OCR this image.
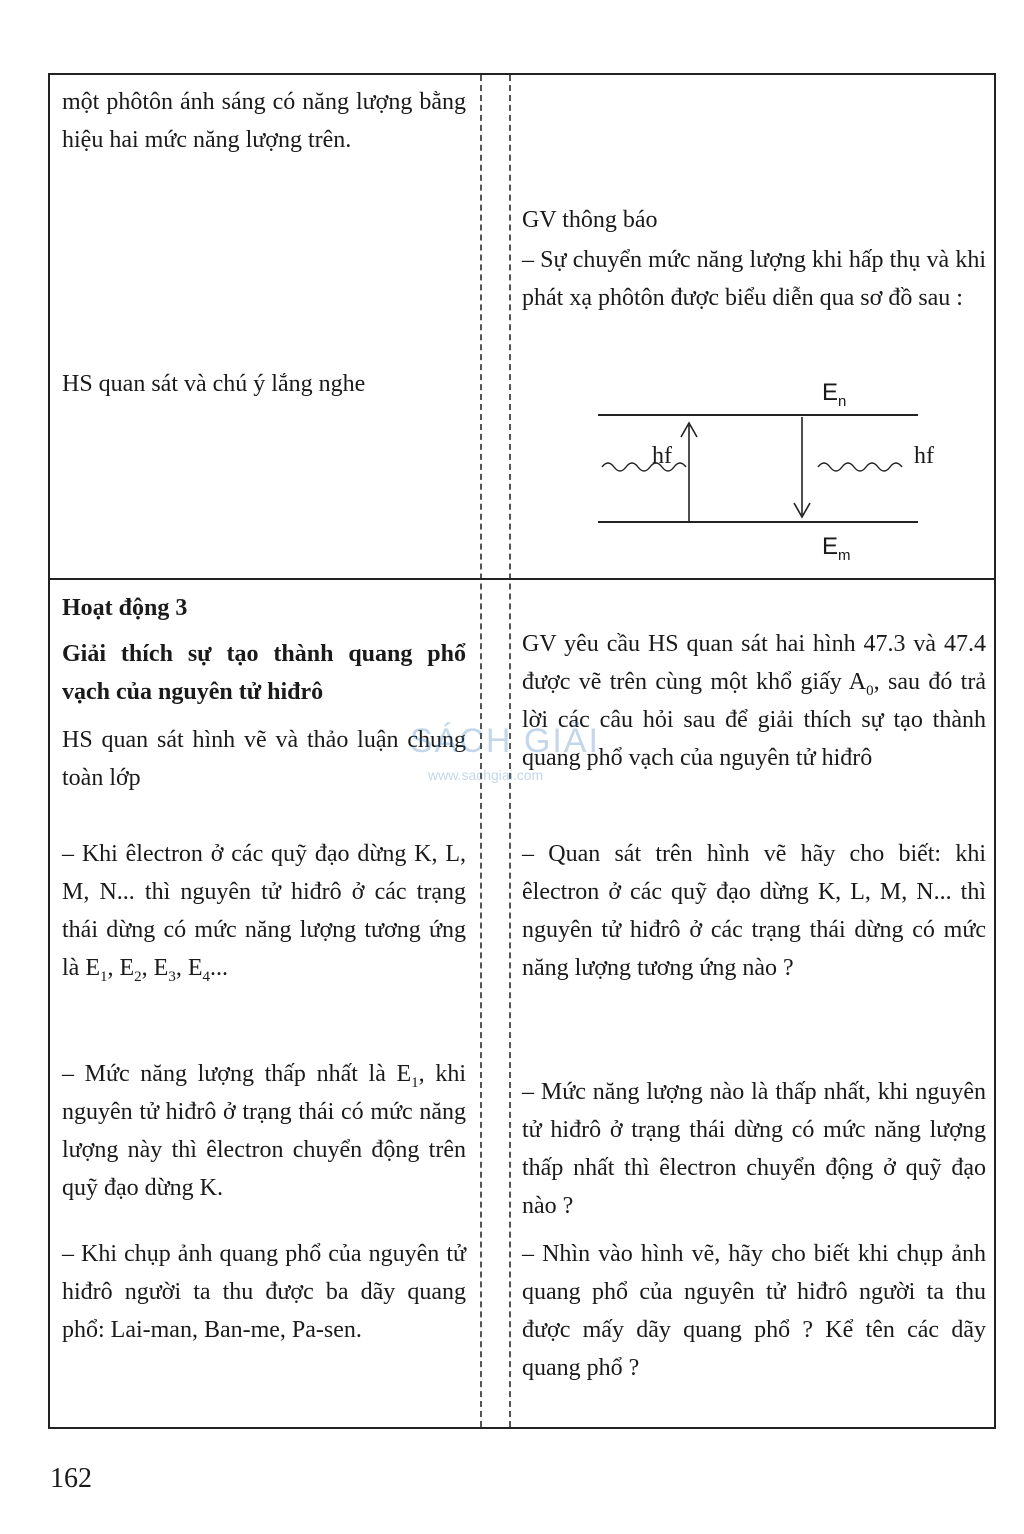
một phôtôn ánh sáng có năng lượng bằng hiệu hai mức năng lượng trên.

HS quan sát và chú ý lắng nghe

GV thông báo

– Sự chuyển mức năng lượng khi hấp thụ và khi phát xạ phôtôn được biểu diễn qua sơ đồ sau :

$E_n$
$E_m$
hf	hf

Hoạt động 3

Giải thích sự tạo thành quang phổ vạch của nguyên tử hiđrô

HS quan sát hình vẽ và thảo luận chung toàn lớp

– Khi êlectron ở các quỹ đạo dừng K, L, M, N... thì nguyên tử hiđrô ở các trạng thái dừng có mức năng lượng tương ứng là $E_1$, $E_2$, $E_3$, $E_4$...

– Mức năng lượng thấp nhất là $E_1$, khi nguyên tử hiđrô ở trạng thái có mức năng lượng này thì êlectron chuyển động trên quỹ đạo dừng K.

– Khi chụp ảnh quang phổ của nguyên tử hiđrô người ta thu được ba dãy quang phổ: Lai-man, Ban-me, Pa-sen.

GV yêu cầu HS quan sát hai hình 47.3 và 47.4 được vẽ trên cùng một khổ giấy $A_0$, sau đó trả lời các câu hỏi sau để giải thích sự tạo thành quang phổ vạch của nguyên tử hiđrô

– Quan sát trên hình vẽ hãy cho biết: khi êlectron ở các quỹ đạo dừng K, L, M, N... thì nguyên tử hiđrô ở các trạng thái dừng có mức năng lượng tương ứng nào ?

– Mức năng lượng nào là thấp nhất, khi nguyên tử hiđrô ở trạng thái dừng có mức năng lượng thấp nhất thì êlectron chuyển động ở quỹ đạo nào ?

– Nhìn vào hình vẽ, hãy cho biết khi chụp ảnh quang phổ của nguyên tử hiđrô người ta thu được mấy dãy quang phổ ? Kể tên các dãy quang phổ ?

SÁCH GIẢI
www.sachgiai.com
162
